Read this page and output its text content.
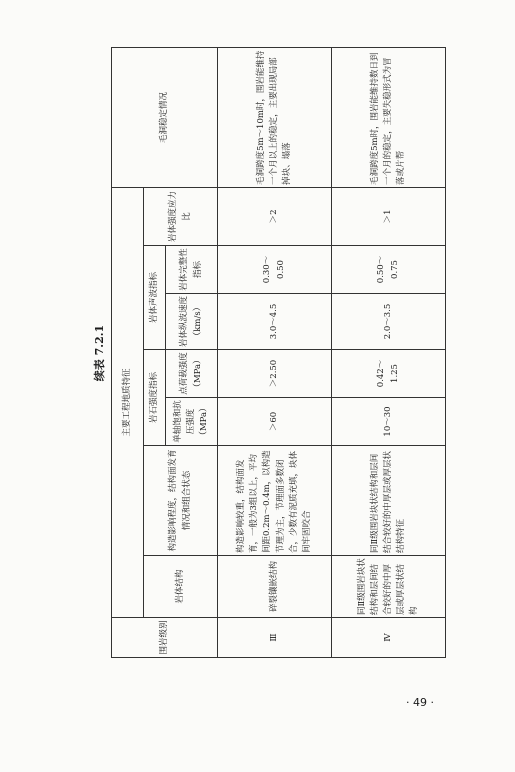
续表 7.2.1
围岩级别	主要工程地质特征							毛洞稳定情况
	岩体结构	构造影响程度，结构面发育情况和组合状态	岩石强度指标		岩体声波指标		岩体强度应力比	
			单轴饱和抗压强度（MPa）	点荷载强度（MPa）	岩体纵波速度（km/s）	岩体完整性指标		
Ⅲ	碎裂镶嵌结构	构造影响较重，结构面发育，一般为3组以上，平均间距0.2m～0.4m，以构造节理为主，节理面多数闭合，少数有泥质充填，块体间牢固咬合	＞60	＞2.50	3.0～4.5	0.30～0.50	＞2	毛洞跨度5m～10m时，围岩能维持一个月以上的稳定，主要出现局部掉块、塌落
Ⅳ	同Ⅱ级围岩块状结构和层间结合较好的中厚层或厚层状结构	同Ⅱ级围岩块状结构和层间结合较好的中厚层或厚层状结构特征	10～30	0.42～1.25	2.0～3.5	0.50～0.75	＞1	毛洞跨度5m时，围岩能维持数日到一个月的稳定，主要失稳形式为冒落或片帮
· 49 ·
